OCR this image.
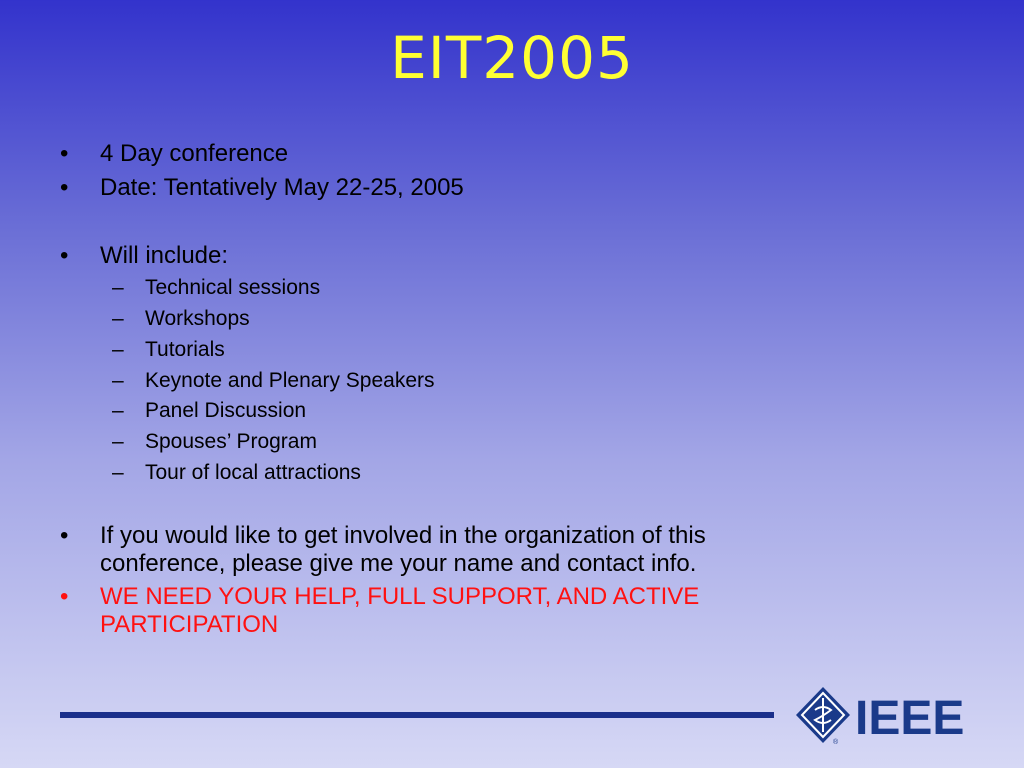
EIT2005
• 4 Day conference
• Date: Tentatively May 22-25, 2005
• Will include:
– Technical sessions
– Workshops
– Tutorials
– Keynote and Plenary Speakers
– Panel Discussion
– Spouses’ Program
– Tour of local attractions
• If you would like to get involved in the organization of this conference, please give me your name and contact info.
• WE NEED YOUR HELP, FULL SUPPORT, AND ACTIVE PARTICIPATION
IEEE
®
